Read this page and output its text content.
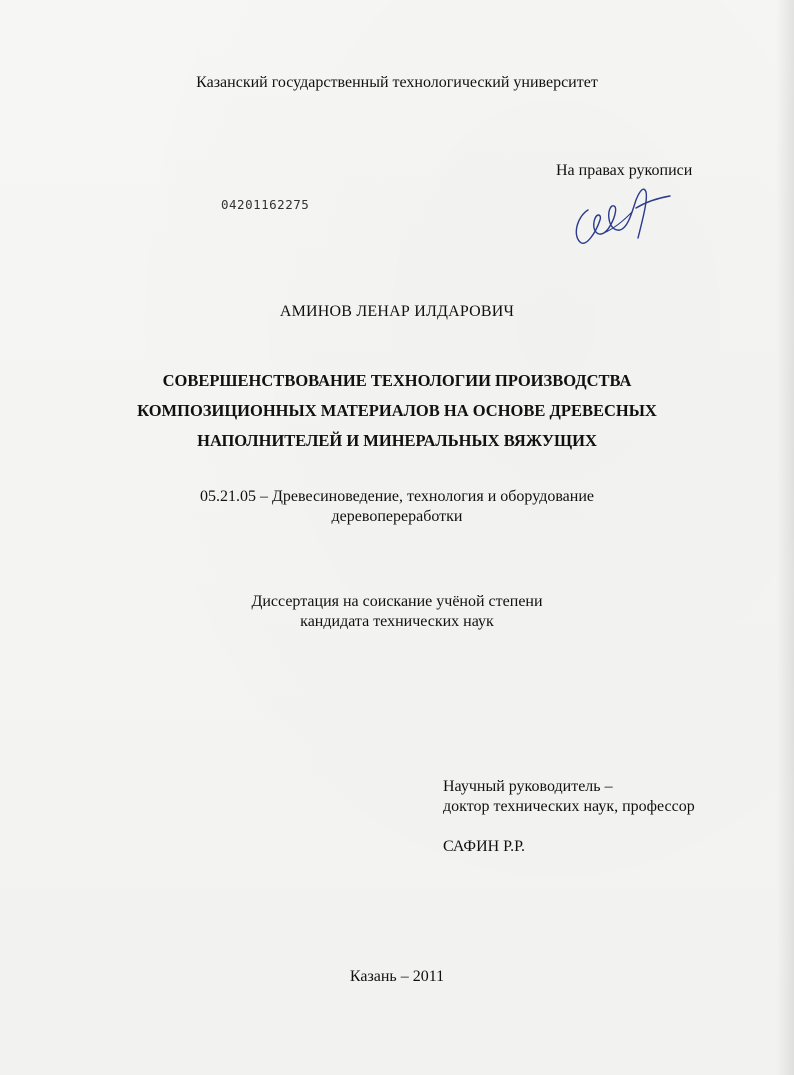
Казанский государственный технологический университет
На правах рукописи
04201162275
АМИНОВ ЛЕНАР ИЛДАРОВИЧ
СОВЕРШЕНСТВОВАНИЕ ТЕХНОЛОГИИ ПРОИЗВОДСТВА
КОМПОЗИЦИОННЫХ МАТЕРИАЛОВ НА ОСНОВЕ ДРЕВЕСНЫХ
НАПОЛНИТЕЛЕЙ И МИНЕРАЛЬНЫХ ВЯЖУЩИХ
05.21.05 – Древесиноведение, технология и оборудование
деревопереработки
Диссертация на соискание учёной степени
кандидата технических наук
Научный руководитель –
доктор технических наук, профессор
САФИН Р.Р.
Казань – 2011
